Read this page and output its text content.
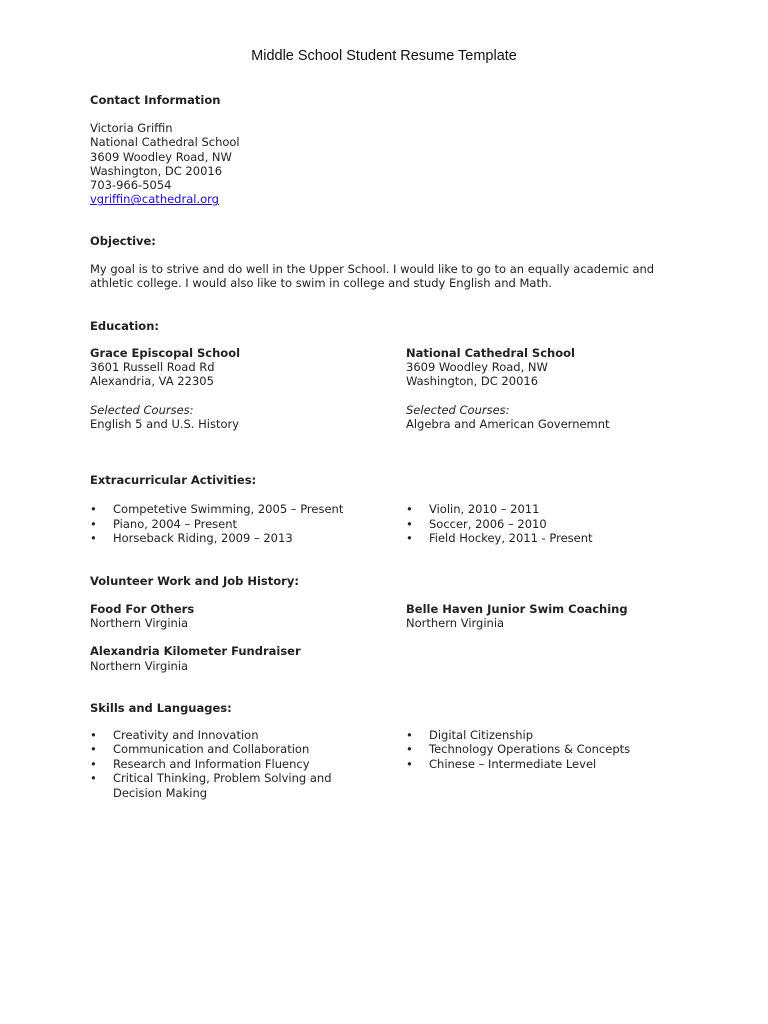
Middle School Student Resume Template

Contact Information

Victoria Griffin

National Cathedral School

3609 Woodley Road, NW

Washington, DC 20016

703-966-5054

vgriffin@cathedral.org

Objective:

My goal is to strive and do well in the Upper School. I would like to go to an equally academic and athletic college. I would also like to swim in college and study English and Math.

Education:

Grace Episcopal School

3601 Russell Road Rd

Alexandria, VA 22305

Selected Courses:

English 5 and U.S. History

National Cathedral School

3609 Woodley Road, NW

Washington, DC 20016

Selected Courses:

Algebra and American Governemnt

Extracurricular Activities:

• Competetive Swimming, 2005 – Present
• Piano, 2004 – Present
• Horseback Riding, 2009 – 2013
• Violin, 2010 – 2011
• Soccer, 2006 – 2010
• Field Hockey, 2011 - Present

Volunteer Work and Job History:

Food For Others

Northern Virginia

Belle Haven Junior Swim Coaching

Northern Virginia

Alexandria Kilometer Fundraiser

Northern Virginia

Skills and Languages:

• Creativity and Innovation
• Communication and Collaboration
• Research and Information Fluency
• Critical Thinking, Problem Solving and Decision Making
• Digital Citizenship
• Technology Operations & Concepts
• Chinese – Intermediate Level
